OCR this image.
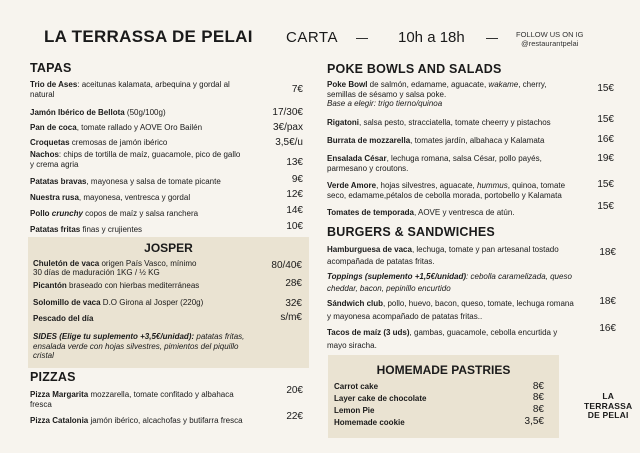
LA TERRASSA DE PELAI CARTA	10h a 18h	FOLLOW US ON IG
@restaurantpelai
TAPAS
Trio de Ases: aceitunas kalamata, arbequina y gordal al
natural	7€
Jamón Ibérico de Bellota (50g/100g)	17/30€
Pan de coca, tomate rallado y AOVE Oro Bailén	3€/pax
Croquetas cremosas de jamón ibérico	3,5€/u
Nachos: chips de tortilla de maíz, guacamole, pico de gallo
y crema agria	13€
Patatas bravas, mayonesa y salsa de tomate picante	9€
Nuestra rusa, mayonesa, ventresca y gordal	12€
Pollo crunchy copos de maíz y salsa ranchera	14€
Patatas fritas finas y crujientes	10€
JOSPER
Chuletón de vaca origen País Vasco, mínimo
30 días de maduración 1KG / ½ KG
80/40€
Picantón braseado con hierbas mediterráneas	28€
Solomillo de vaca D.O Girona al Josper (220g)	32€
Pescado del día	s/m€
SIDES (Elige tu suplemento +3,5€/unidad): patatas fritas,
ensalada verde con hojas silvestres, pimientos del piquillo
cristal
PIZZAS
Pizza Margarita mozzarella, tomate confitado y albahaca
fresca
20€
Pizza Catalonia jamón ibérico, alcachofas y butifarra fresca	22€
POKE BOWLS AND SALADS
Poke Bowl de salmón, edamame, aguacate, wakame, cherry,
semillas de sésamo y salsa poke.
Base a elegir: trigo tierno/quinoa
15€
Rigatoni, salsa pesto, stracciatella, tomate cheerry y pistachos	15€
Burrata de mozzarella, tomates jardín, albahaca y Kalamata	16€
Ensalada César, lechuga romana, salsa César, pollo payés,
parmesano y croutons.
19€
Verde Amore, hojas silvestres, aguacate, hummus, quinoa, tomate
seco, edamame,pétalos de cebolla morada, portobello y Kalamata
15€
Tomates de temporada, AOVE y ventresca de atún.
15€
BURGERS & SANDWICHES
Hamburguesa de vaca, lechuga, tomate y pan artesanal tostado
acompañada de patatas fritas.
18€
Toppings (suplemento +1,5€/unidad): cebolla caramelizada, queso
cheddar, bacon, pepinillo encurtido
Sándwich club, pollo, huevo, bacon, queso, tomate, lechuga romana
y mayonesa acompañado de patatas fritas..
18€
Tacos de maíz (3 uds), gambas, guacamole, cebolla encurtida y
mayo siracha.
16€
HOMEMADE PASTRIES
Carrot cake	8€
Layer cake de chocolate	8€
Lemon Pie	8€
Homemade cookie	3,5€
LA
TERRASSA
DE PELAI
